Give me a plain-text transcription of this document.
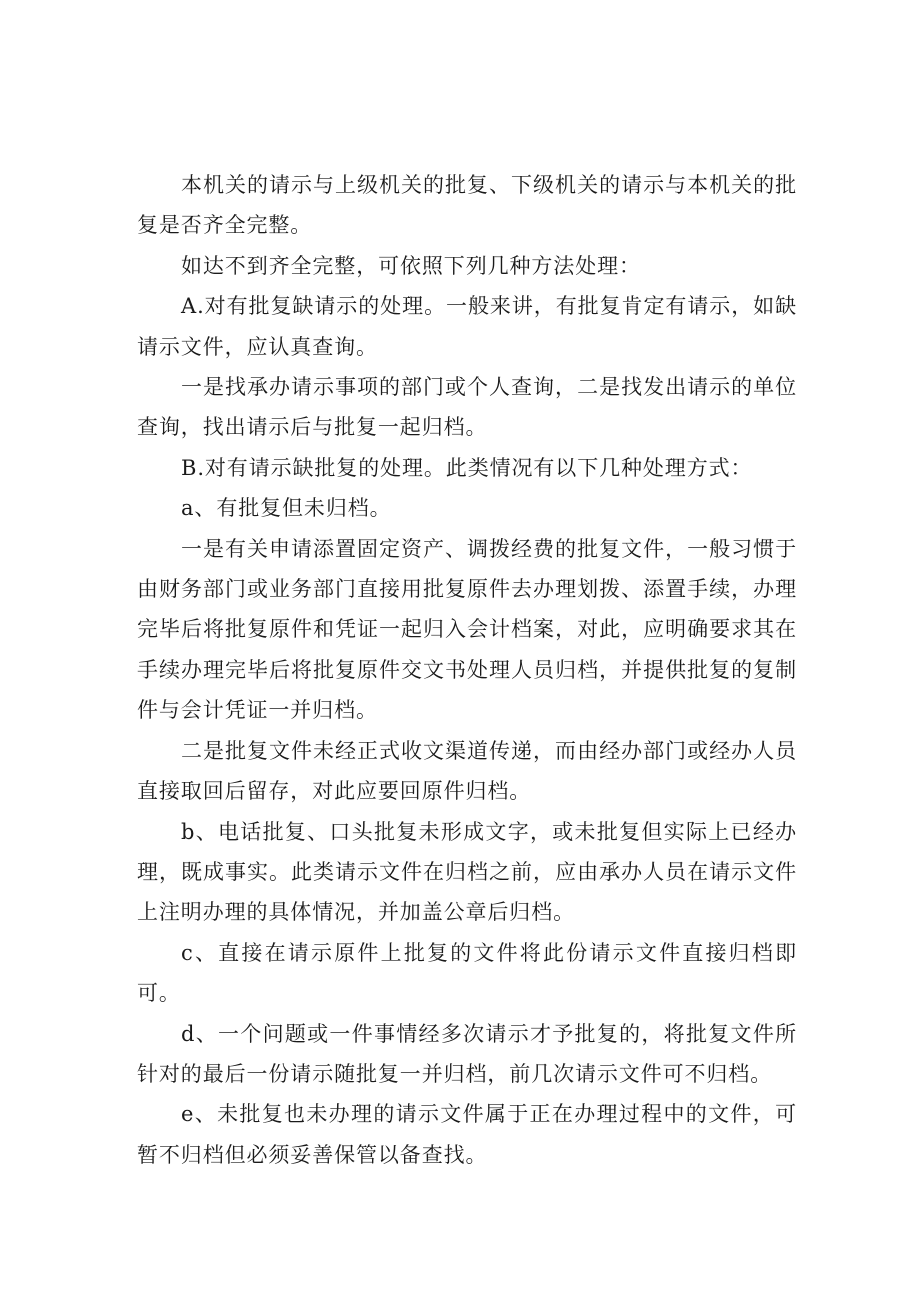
本机关的请示与上级机关的批复、下级机关的请示与本机关的批复是否齐全完整。

如达不到齐全完整，可依照下列几种方法处理：

A.对有批复缺请示的处理。一般来讲，有批复肯定有请示，如缺请示文件，应认真查询。

一是找承办请示事项的部门或个人查询，二是找发出请示的单位查询，找出请示后与批复一起归档。

B.对有请示缺批复的处理。此类情况有以下几种处理方式：

a、有批复但未归档。

一是有关申请添置固定资产、调拨经费的批复文件，一般习惯于由财务部门或业务部门直接用批复原件去办理划拨、添置手续，办理完毕后将批复原件和凭证一起归入会计档案，对此，应明确要求其在手续办理完毕后将批复原件交文书处理人员归档，并提供批复的复制件与会计凭证一并归档。

二是批复文件未经正式收文渠道传递，而由经办部门或经办人员直接取回后留存，对此应要回原件归档。

b、电话批复、口头批复未形成文字，或未批复但实际上已经办理，既成事实。此类请示文件在归档之前，应由承办人员在请示文件上注明办理的具体情况，并加盖公章后归档。

c、直接在请示原件上批复的文件将此份请示文件直接归档即可。

d、一个问题或一件事情经多次请示才予批复的，将批复文件所针对的最后一份请示随批复一并归档，前几次请示文件可不归档。

e、未批复也未办理的请示文件属于正在办理过程中的文件，可暂不归档但必须妥善保管以备查找。
